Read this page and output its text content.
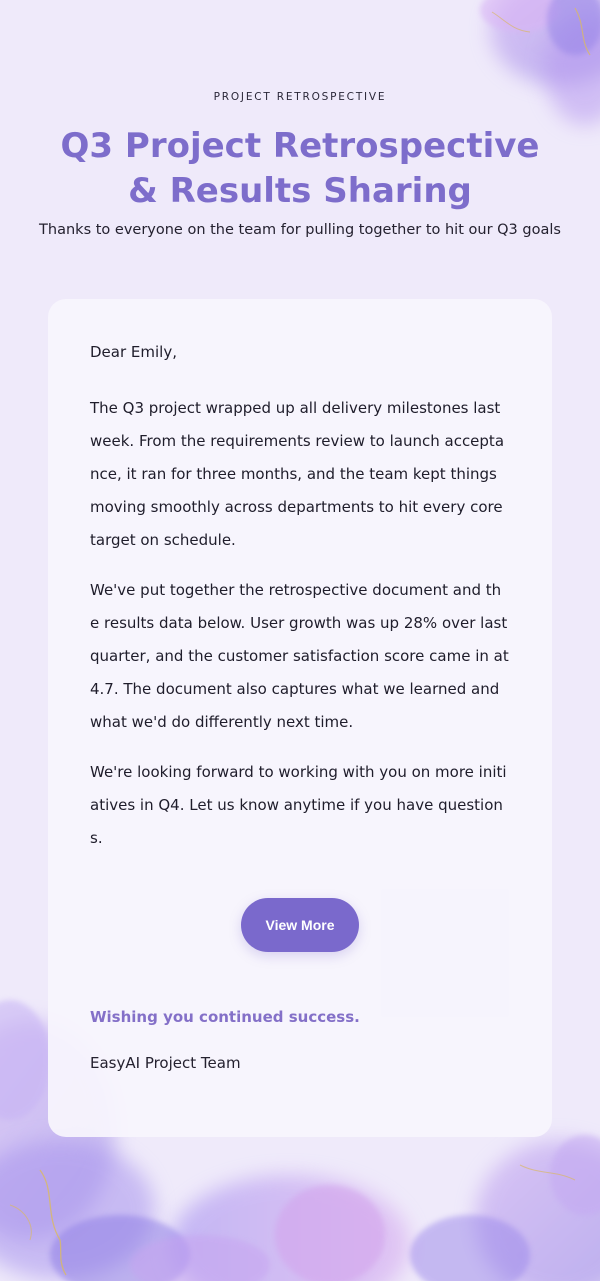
PROJECT RETROSPECTIVE
Q3 Project Retrospective & Results Sharing
Thanks to everyone on the team for pulling together to hit our Q3 goals

Dear Emily,

The Q3 project wrapped up all delivery milestones last week. From the requirements review to launch acceptance, it ran for three months, and the team kept things moving smoothly across departments to hit every core target on schedule.

We've put together the retrospective document and the results data below. User growth was up 28% over last quarter, and the customer satisfaction score came in at 4.7. The document also captures what we learned and what we'd do differently next time.

We're looking forward to working with you on more initiatives in Q4. Let us know anytime if you have questions.

View More
Wishing you continued success.
EasyAI Project Team
